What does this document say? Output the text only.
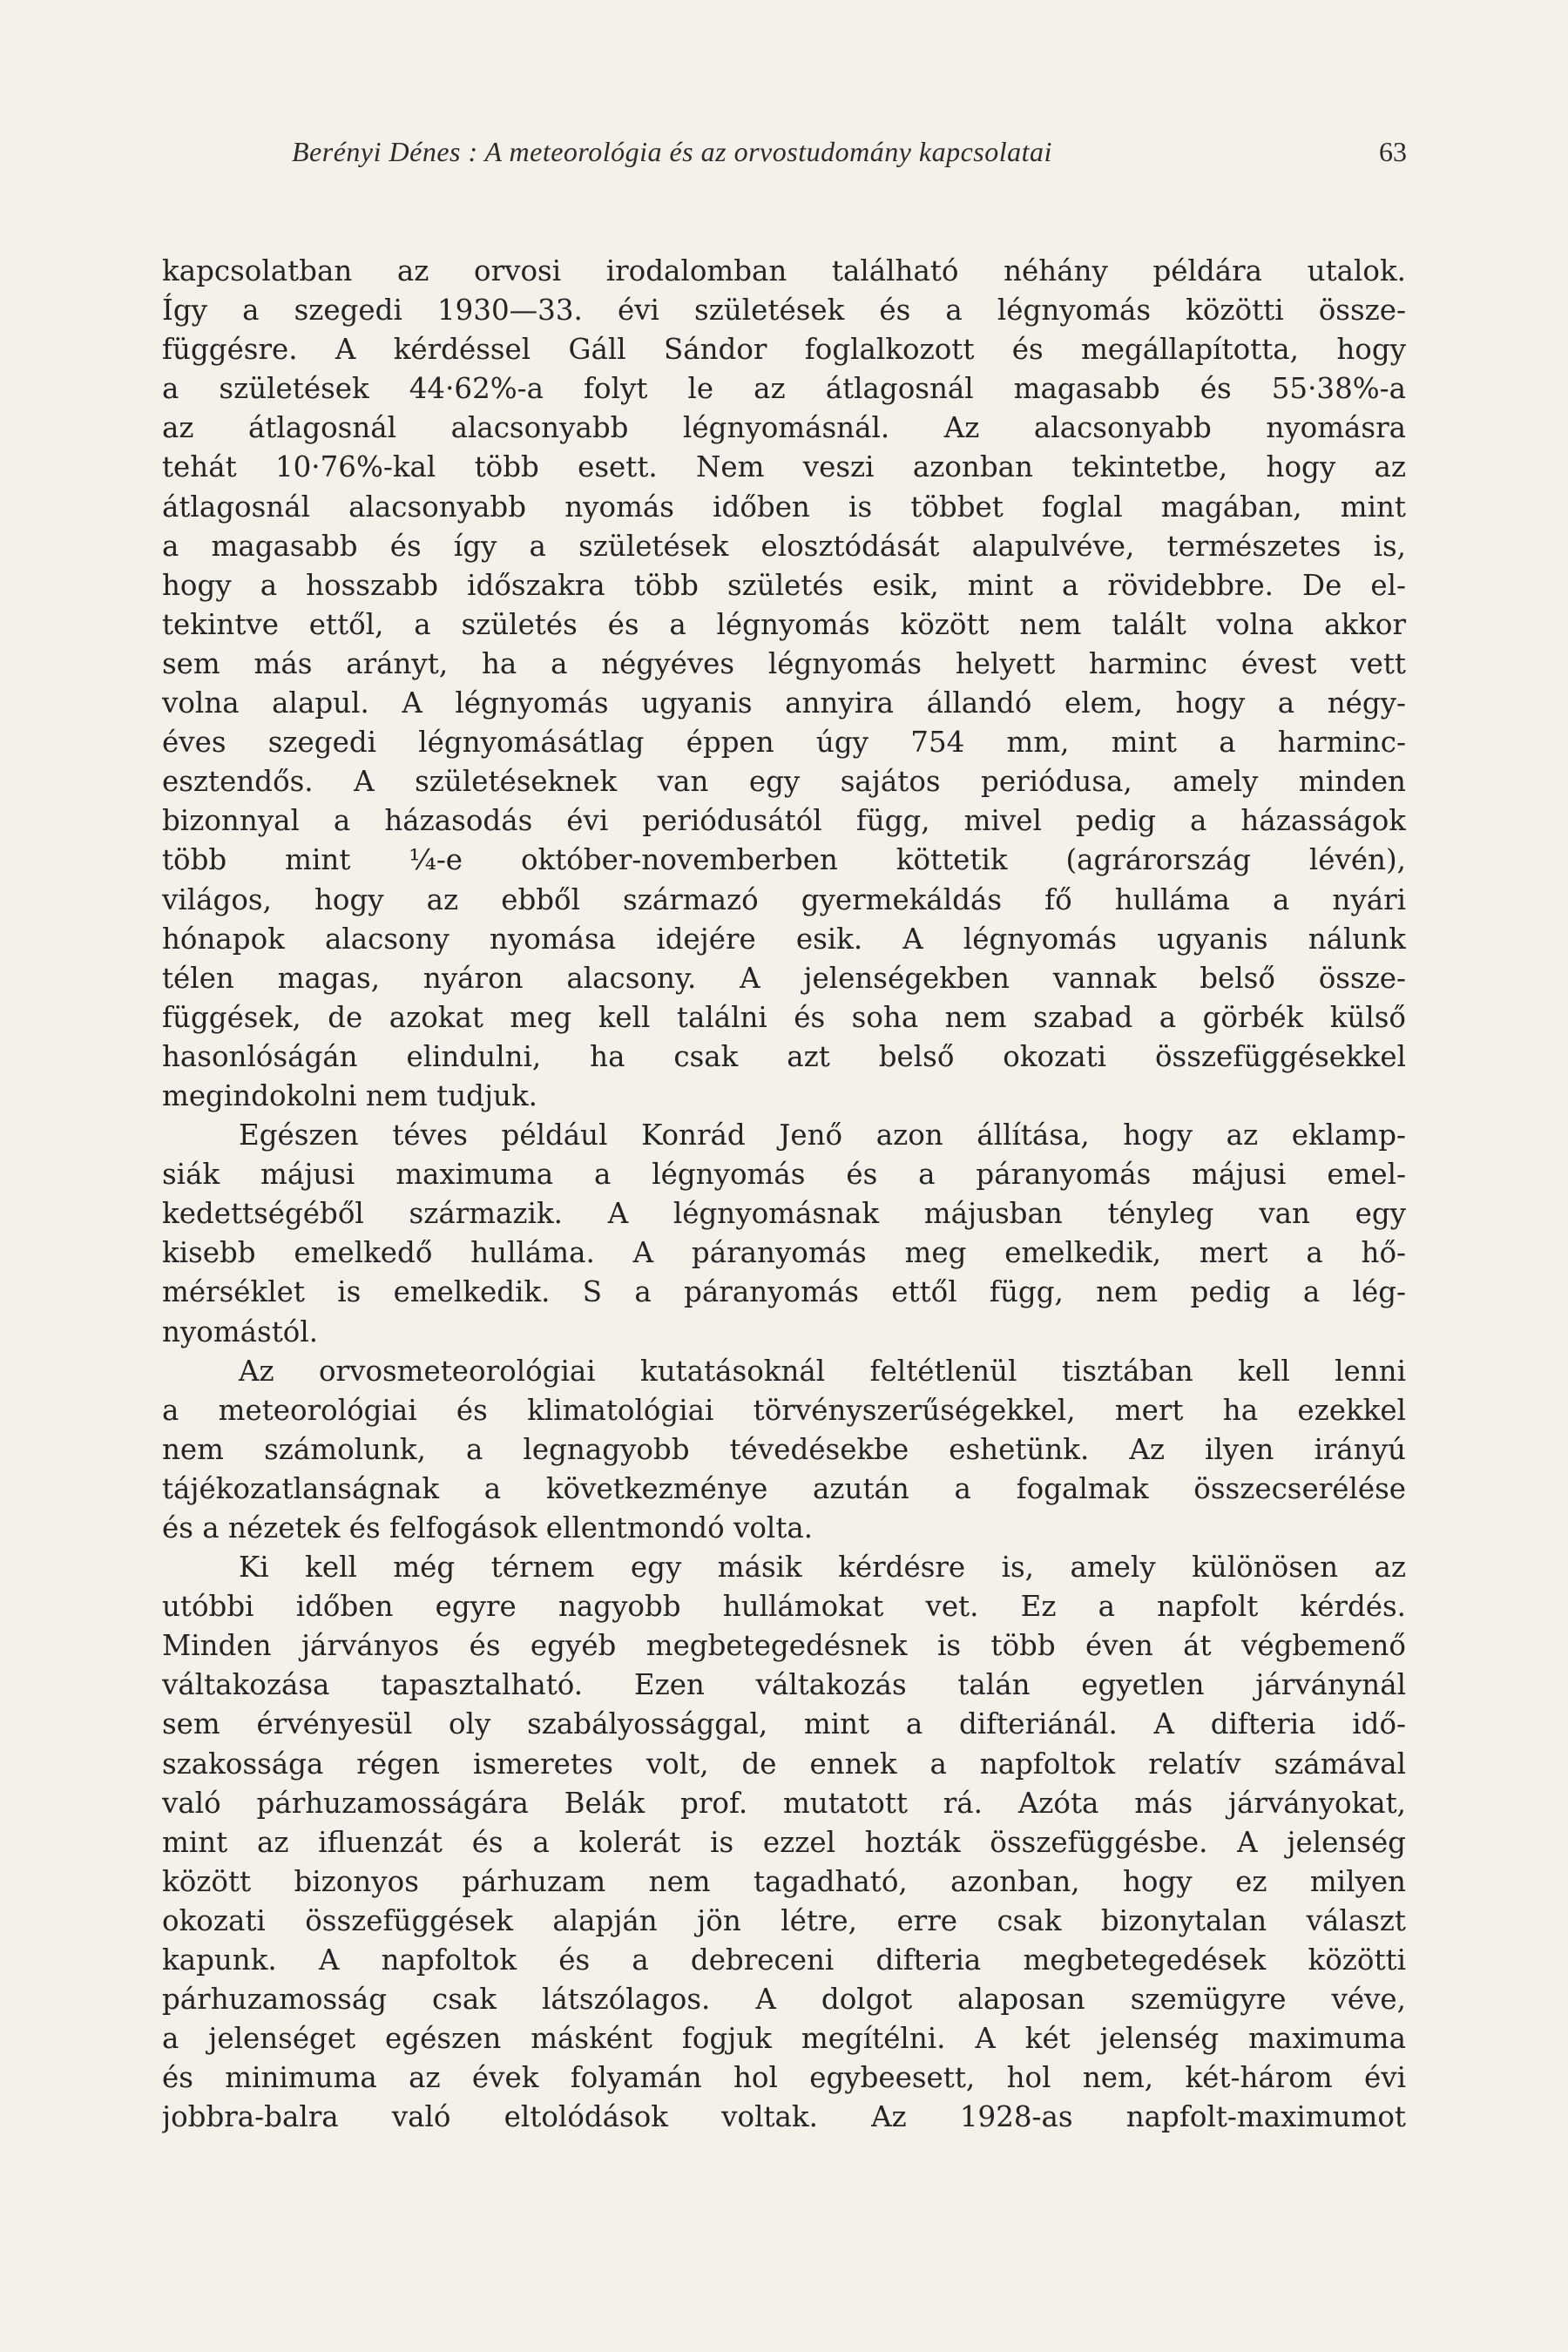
Berényi Dénes : A meteorológia és az orvostudomány kapcsolatai	63
kapcsolatban az orvosi irodalomban található néhány példára utalok.
Így a szegedi 1930—33. évi születések és a légnyomás közötti össze-
függésre. A kérdéssel Gáll Sándor foglalkozott és megállapította, hogy
a születések 44·62%-a folyt le az átlagosnál magasabb és 55·38%-a
az átlagosnál alacsonyabb légnyomásnál. Az alacsonyabb nyomásra
tehát 10·76%-kal több esett. Nem veszi azonban tekintetbe, hogy az
átlagosnál alacsonyabb nyomás időben is többet foglal magában, mint
a magasabb és így a születések elosztódását alapulvéve, természetes is,
hogy a hosszabb időszakra több születés esik, mint a rövidebbre. De el-
tekintve ettől, a születés és a légnyomás között nem talált volna akkor
sem más arányt, ha a négyéves légnyomás helyett harminc évest vett
volna alapul. A légnyomás ugyanis annyira állandó elem, hogy a négy-
éves szegedi légnyomásátlag éppen úgy 754 mm, mint a harminc-
esztendős. A születéseknek van egy sajátos periódusa, amely minden
bizonnyal a házasodás évi periódusától függ, mivel pedig a házasságok
több mint ¼-e október-novemberben köttetik (agrárország lévén),
világos, hogy az ebből származó gyermekáldás fő hulláma a nyári
hónapok alacsony nyomása idejére esik. A légnyomás ugyanis nálunk
télen magas, nyáron alacsony. A jelenségekben vannak belső össze-
függések, de azokat meg kell találni és soha nem szabad a görbék külső
hasonlóságán elindulni, ha csak azt belső okozati összefüggésekkel
megindokolni nem tudjuk.
Egészen téves például Konrád Jenő azon állítása, hogy az eklamp-
siák májusi maximuma a légnyomás és a páranyomás májusi emel-
kedettségéből származik. A légnyomásnak májusban tényleg van egy
kisebb emelkedő hulláma. A páranyomás meg emelkedik, mert a hő-
mérséklet is emelkedik. S a páranyomás ettől függ, nem pedig a lég-
nyomástól.
Az orvosmeteorológiai kutatásoknál feltétlenül tisztában kell lenni
a meteorológiai és klimatológiai törvényszerűségekkel, mert ha ezekkel
nem számolunk, a legnagyobb tévedésekbe eshetünk. Az ilyen irányú
tájékozatlanságnak a következménye azután a fogalmak összecserélése
és a nézetek és felfogások ellentmondó volta.
Ki kell még térnem egy másik kérdésre is, amely különösen az
utóbbi időben egyre nagyobb hullámokat vet. Ez a napfolt kérdés.
Minden járványos és egyéb megbetegedésnek is több éven át végbemenő
váltakozása tapasztalható. Ezen váltakozás talán egyetlen járványnál
sem érvényesül oly szabályossággal, mint a difteriánál. A difteria idő-
szakossága régen ismeretes volt, de ennek a napfoltok relatív számával
való párhuzamosságára Belák prof. mutatott rá. Azóta más járványokat,
mint az ifluenzát és a kolerát is ezzel hozták összefüggésbe. A jelenség
között bizonyos párhuzam nem tagadható, azonban, hogy ez milyen
okozati összefüggések alapján jön létre, erre csak bizonytalan választ
kapunk. A napfoltok és a debreceni difteria megbetegedések közötti
párhuzamosság csak látszólagos. A dolgot alaposan szemügyre véve,
a jelenséget egészen másként fogjuk megítélni. A két jelenség maximuma
és minimuma az évek folyamán hol egybeesett, hol nem, két-három évi
jobbra-balra való eltolódások voltak. Az 1928-as napfolt-maximumot
